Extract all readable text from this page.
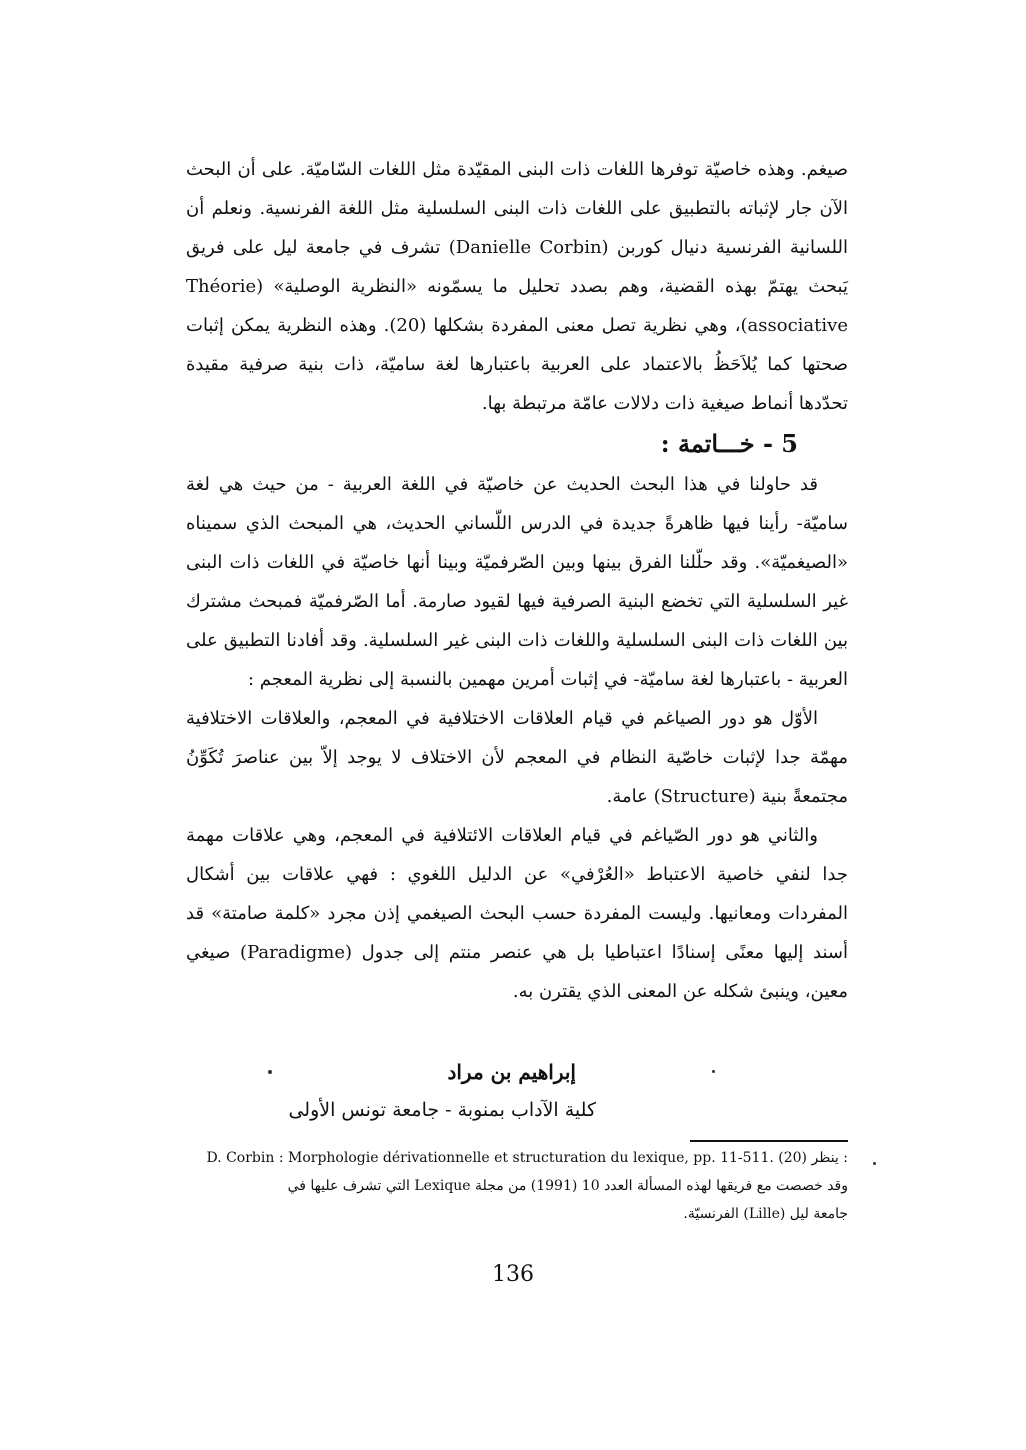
صيغم. وهذه خاصيّة توفرها اللغات ذات البنى المقيّدة مثل اللغات السّاميّة. على أن البحث الآن جار لإثباته بالتطبيق على اللغات ذات البنى السلسلية مثل اللغة الفرنسية. ونعلم أن اللسانية الفرنسية دنيال كوربن (Danielle Corbin) تشرف في جامعة ليل على فريق يَبحث يهتمّ بهذه القضية، وهم بصدد تحليل ما يسمّونه «النظرية الوصلية» (Théorie associative)، وهي نظرية تصل معنى المفردة بشكلها (20). وهذه النظرية يمكن إثبات صحتها كما يُلاَحَظُ بالاعتماد على العربية باعتبارها لغة ساميّة، ذات بنية صرفية مقيدة تحدّدها أنماط صيغية ذات دلالات عامّة مرتبطة بها.

5 - خـــاتمة :

قد حاولنا في هذا البحث الحديث عن خاصيّة في اللغة العربية - من حيث هي لغة ساميّة- رأينا فيها ظاهرةً جديدة في الدرس اللّساني الحديث، هي المبحث الذي سميناه «الصيغميّة». وقد حلّلنا الفرق بينها وبين الصّرفميّة وبينا أنها خاصيّة في اللغات ذات البنى غير السلسلية التي تخضع البنية الصرفية فيها لقيود صارمة. أما الصّرفميّة فمبحث مشترك بين اللغات ذات البنى السلسلية واللغات ذات البنى غير السلسلية. وقد أفادنا التطبيق على العربية - باعتبارها لغة ساميّة- في إثبات أمرين مهمين بالنسبة إلى نظرية المعجم :

الأوّل هو دور الصياغم في قيام العلاقات الاختلافية في المعجم، والعلاقات الاختلافية مهمّة جدا لإثبات خاصّية النظام في المعجم لأن الاختلاف لا يوجد إلاّ بين عناصرَ تُكَوِّنُ مجتمعةً بنية (Structure) عامة.

والثاني هو دور الصّياغم في قيام العلاقات الائتلافية في المعجم، وهي علاقات مهمة جدا لنفي خاصية الاعتباط «العُرْفي» عن الدليل اللغوي : فهي علاقات بين أشكال المفردات ومعانيها. وليست المفردة حسب البحث الصيغمي إذن مجرد «كلمة صامتة» قد أسند إليها معنًى إسنادًا اعتباطيا بل هي عنصر منتم إلى جدول (Paradigme) صيغي معين، وينبئ شكله عن المعنى الذي يقترن به.

إبراهيم بن مراد
كلية الآداب بمنوبة - جامعة تونس الأولى

(20) ينظر : D. Corbin : Morphologie dérivationnelle et structuration du lexique, pp. 11-511.

وقد خصصت مع فريقها لهذه المسألة العدد 10 (1991) من مجلة Lexique التي تشرف عليها في

جامعة ليل (Lille) الفرنسيّة.

136
